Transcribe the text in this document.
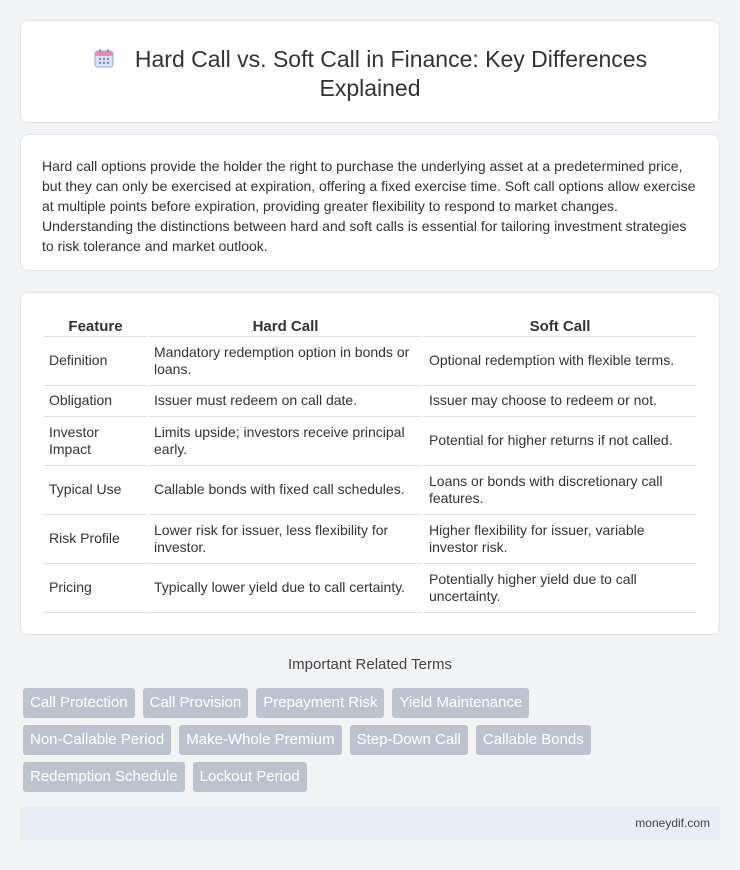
Hard Call vs. Soft Call in Finance: Key Differences Explained

Hard call options provide the holder the right to purchase the underlying asset at a predetermined price, but they can only be exercised at expiration, offering a fixed exercise time. Soft call options allow exercise at multiple points before expiration, providing greater flexibility to respond to market changes. Understanding the distinctions between hard and soft calls is essential for tailoring investment strategies to risk tolerance and market outlook.

Feature	Hard Call	Soft Call
Definition	Mandatory redemption option in bonds or loans.	Optional redemption with flexible terms.
Obligation	Issuer must redeem on call date.	Issuer may choose to redeem or not.
Investor Impact	Limits upside; investors receive principal early.	Potential for higher returns if not called.
Typical Use	Callable bonds with fixed call schedules.	Loans or bonds with discretionary call features.
Risk Profile	Lower risk for issuer, less flexibility for investor.	Higher flexibility for issuer, variable investor risk.
Pricing	Typically lower yield due to call certainty.	Potentially higher yield due to call uncertainty.
Important Related Terms
Call Protection	Call Provision	Prepayment Risk	Yield Maintenance
Non-Callable Period	Make-Whole Premium	Step-Down Call	Callable Bonds
Redemption Schedule	Lockout Period
moneydif.com
